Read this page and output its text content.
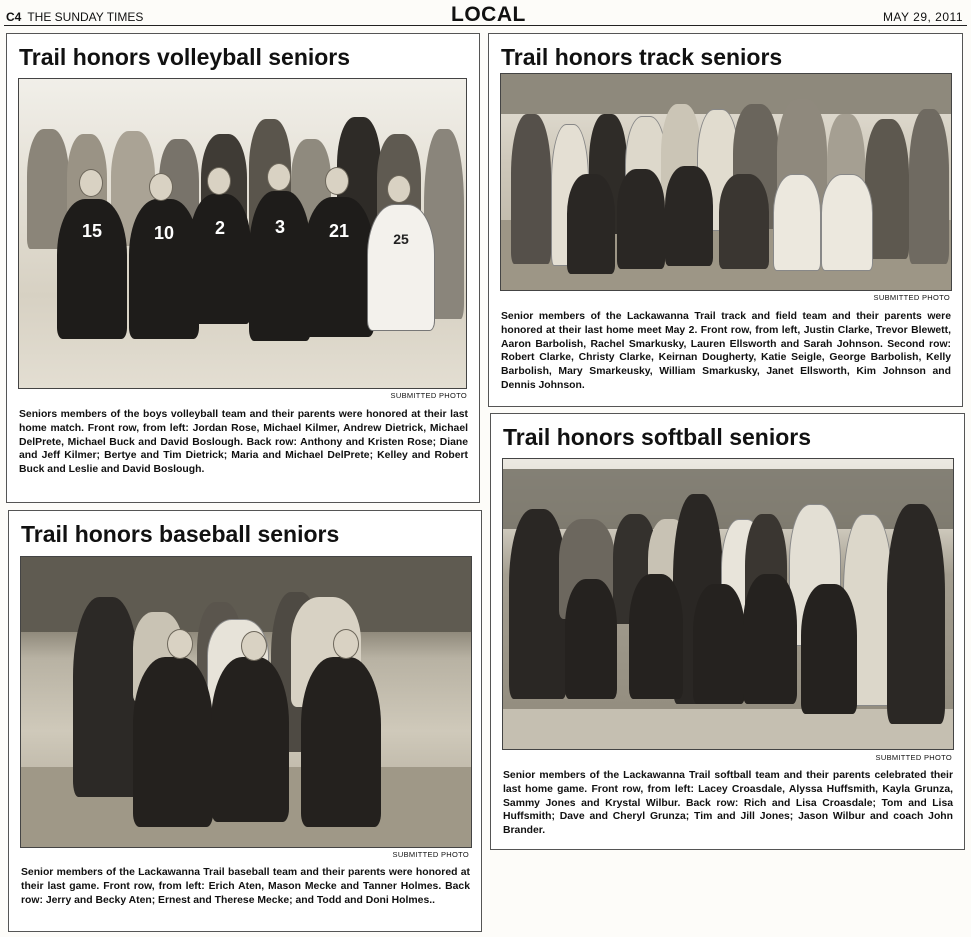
C4 THE SUNDAY TIMES	LOCAL	MAY 29, 2011
Trail honors volleyball seniors
15	10	2	3	21	25
SUBMITTED PHOTO
Seniors members of the boys volleyball team and their parents were honored at their last home match. Front row, from left: Jordan Rose, Michael Kilmer, Andrew Dietrick, Michael DelPrete, Michael Buck and David Boslough. Back row: Anthony and Kristen Rose; Diane and Jeff Kilmer; Bertye and Tim Dietrick; Maria and Michael DelPrete; Kelley and Robert Buck and Leslie and David Boslough.
Trail honors track seniors
SUBMITTED PHOTO
Senior members of the Lackawanna Trail track and field team and their parents were honored at their last home meet May 2. Front row, from left, Justin Clarke, Trevor Blewett, Aaron Barbolish, Rachel Smarkusky, Lauren Ellsworth and Sarah Johnson. Second row: Robert Clarke, Christy Clarke, Keirnan Dougherty, Katie Seigle, George Barbolish, Kelly Barbolish, Mary Smarkeusky, William Smarkusky, Janet Ellsworth, Kim Johnson and Dennis Johnson.
Trail honors baseball seniors
SUBMITTED PHOTO
Senior members of the Lackawanna Trail baseball team and their parents were honored at their last game. Front row, from left: Erich Aten, Mason Mecke and Tanner Holmes. Back row: Jerry and Becky Aten; Ernest and Therese Mecke; and Todd and Doni Holmes..
Trail honors softball seniors
SUBMITTED PHOTO
Senior members of the Lackawanna Trail softball team and their parents celebrated their last home game. Front row, from left: Lacey Croasdale, Alyssa Huffsmith, Kayla Grunza, Sammy Jones and Krystal Wilbur. Back row: Rich and Lisa Croasdale; Tom and Lisa Huffsmith; Dave and Cheryl Grunza; Tim and Jill Jones; Jason Wilbur and coach John Brander.
